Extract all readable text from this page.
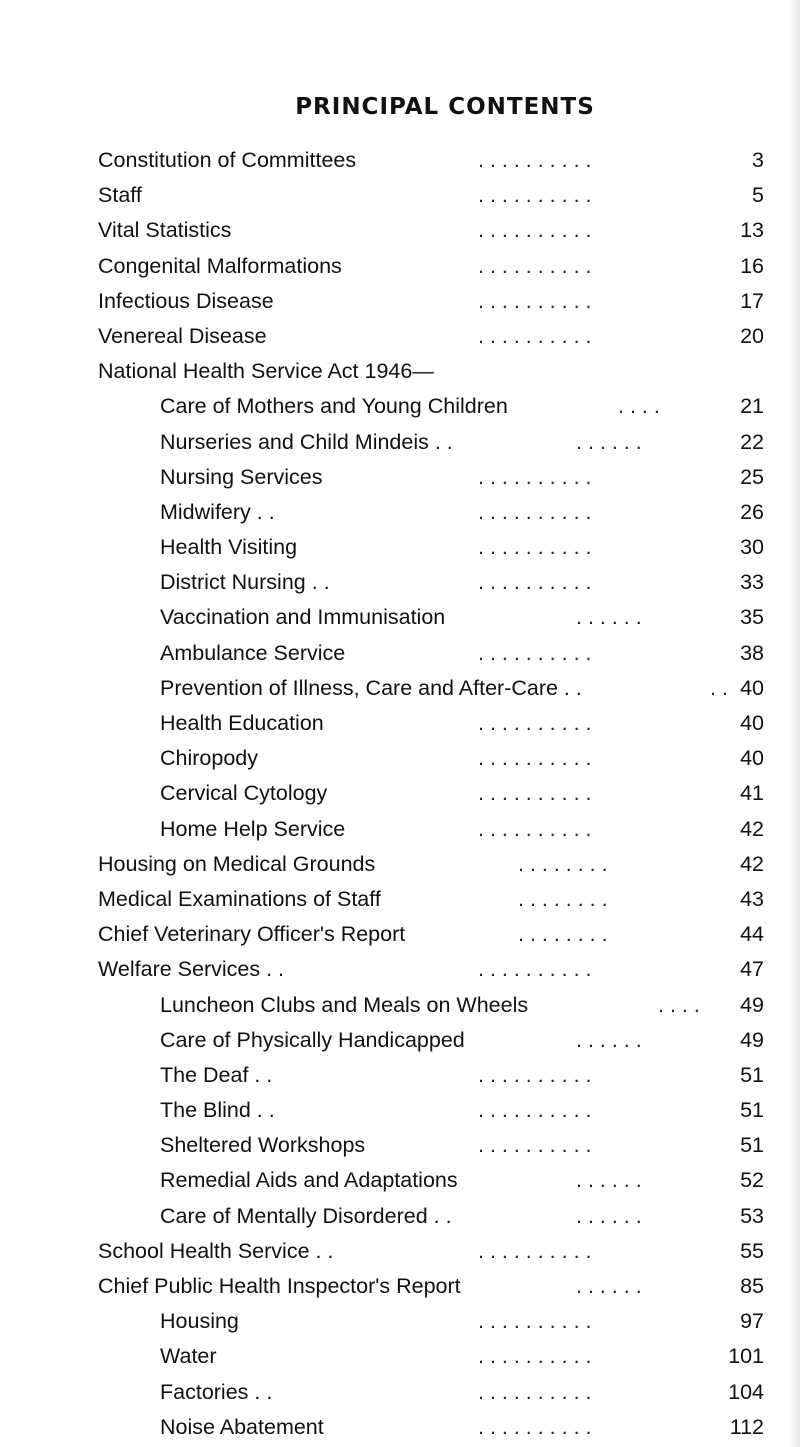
PRINCIPAL CONTENTS
Constitution of Committees	. . . . . . . . . .	3
Staff	. . . . . . . . . .	5
Vital Statistics	. . . . . . . . . .	13
Congenital Malformations	. . . . . . . . . .	16
Infectious Disease	. . . . . . . . . .	17
Venereal Disease	. . . . . . . . . .	20
National Health Service Act 1946—
Care of Mothers and Young Children	. . . .	21
Nurseries and Child Mindeis . .	. . . . . .	22
Nursing Services	. . . . . . . . . .	25
Midwifery . .	. . . . . . . . . .	26
Health Visiting	. . . . . . . . . .	30
District Nursing . .	. . . . . . . . . .	33
Vaccination and Immunisation	. . . . . .	35
Ambulance Service	. . . . . . . . . .	38
Prevention of Illness, Care and After-Care . .	. . 40
Health Education	. . . . . . . . . .	40
Chiropody	. . . . . . . . . .	40
Cervical Cytology	. . . . . . . . . .	41
Home Help Service	. . . . . . . . . .	42
Housing on Medical Grounds	. . . . . . . .	42
Medical Examinations of Staff	. . . . . . . .	43
Chief Veterinary Officer's Report	. . . . . . . .	44
Welfare Services . .	. . . . . . . . . .	47
Luncheon Clubs and Meals on Wheels	. . . .	49
Care of Physically Handicapped	. . . . . .	49
The Deaf . .	. . . . . . . . . .	51
The Blind . .	. . . . . . . . . .	51
Sheltered Workshops	. . . . . . . . . .	51
Remedial Aids and Adaptations	. . . . . .	52
Care of Mentally Disordered . .	. . . . . .	53
School Health Service . .	. . . . . . . . . .	55
Chief Public Health Inspector's Report	. . . . . .	85
Housing	. . . . . . . . . .	97
Water	. . . . . . . . . .	101
Factories . .	. . . . . . . . . .	104
Noise Abatement	. . . . . . . . . .	112
